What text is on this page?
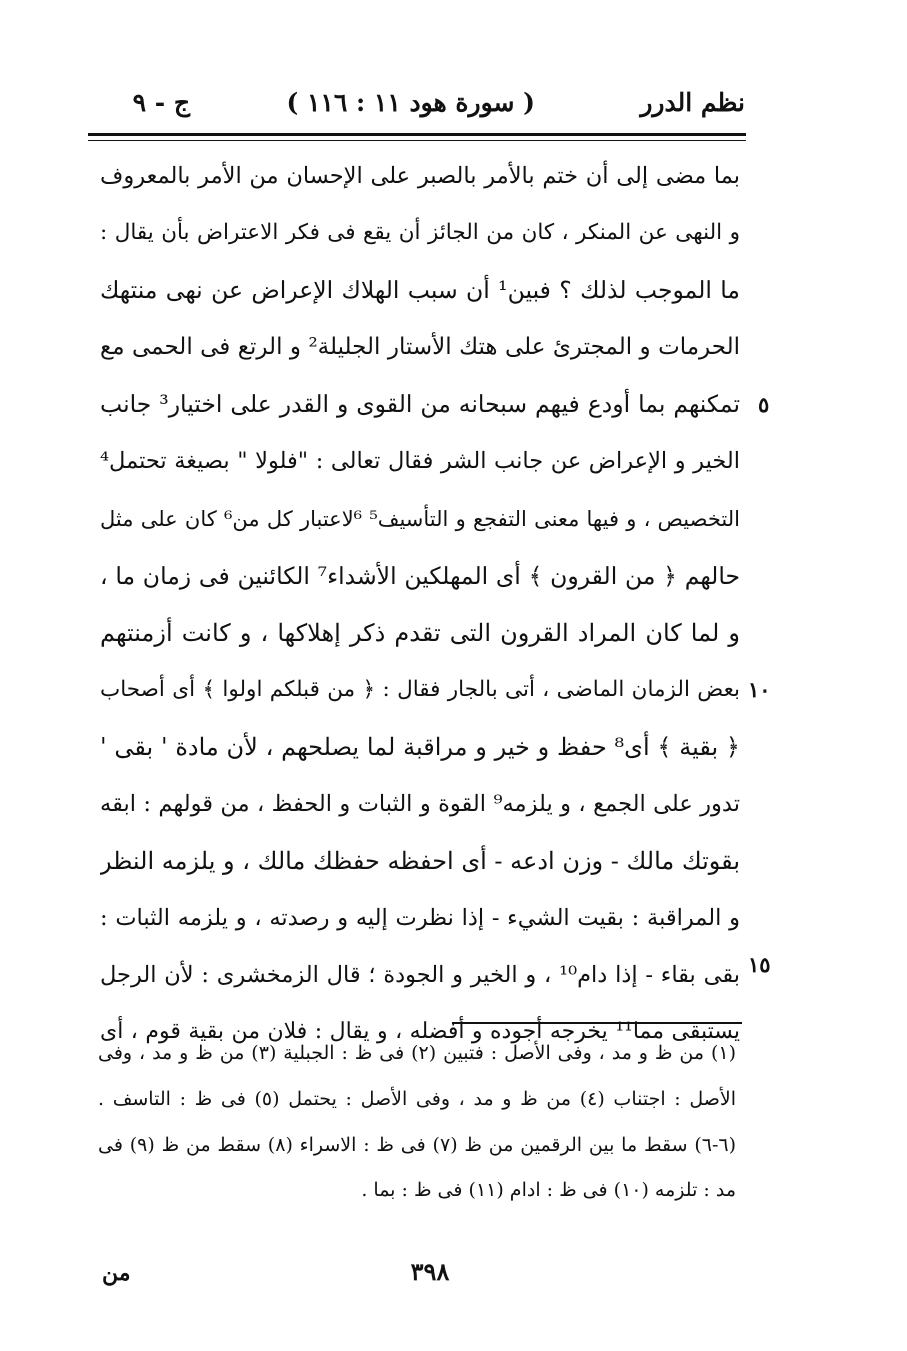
نظم الدرر
( سورة هود ١١ : ١١٦ )
ج - ٩
بما مضى إلى أن ختم بالأمر بالصبر على الإحسان من الأمر بالمعروف
و النهى عن المنكر ، كان من الجائز أن يقع فى فكر الاعتراض بأن يقال :
ما الموجب لذلك ؟ فبين¹ أن سبب الهلاك الإعراض عن نهى منتهك
الحرمات و المجترئ على هتك الأستار الجليلة² و الرتع فى الحمى مع
تمكنهم بما أودع فيهم سبحانه من القوى و القدر على اختيار³ جانب
الخير و الإعراض عن جانب الشر فقال تعالى : "فلولا " بصيغة تحتمل⁴
التخصيص ، و فيها معنى التفجع و التأسيف⁵ ⁶لاعتبار كل من⁶ كان على مثل
حالهم ﴿ من القرون ﴾ أى المهلكين الأشداء⁷ الكائنين فى زمان ما ،
و لما كان المراد القرون التى تقدم ذكر إهلاكها ، و كانت أزمنتهم
بعض الزمان الماضى ، أتى بالجار فقال : ﴿ من قبلكم اولوا ﴾ أى أصحاب
﴿ بقية ﴾ أى⁸ حفظ و خير و مراقبة لما يصلحهم ، لأن مادة ' بقى '
تدور على الجمع ، و يلزمه⁹ القوة و الثبات و الحفظ ، من قولهم : ابقه
بقوتك مالك - وزن ادعه - أى احفظه حفظك مالك ، و يلزمه النظر
و المراقبة : بقيت الشيء - إذا نظرت إليه و رصدته ، و يلزمه الثبات :
بقى بقاء - إذا دام¹⁰ ، و الخير و الجودة ؛ قال الزمخشرى : لأن الرجل
يستبقى مما¹¹ يخرجه أجوده و أفضله ، و يقال : فلان من بقية قوم ، أى
٥
١٠
١٥
(١) من ظ و مد ، وفى الأصل : فتبين (٢) فى ظ : الجبلية (٣) من ظ و مد ، وفى
الأصل : اجتناب (٤) من ظ و مد ، وفى الأصل : يحتمل (٥) فى ظ : التاسف .
(٦-٦) سقط ما بين الرقمين من ظ (٧) فى ظ : الاسراء (٨) سقط من ظ (٩) فى
مد : تلزمه (١٠) فى ظ : ادام (١١) فى ظ : بما .
٣٩٨
من
